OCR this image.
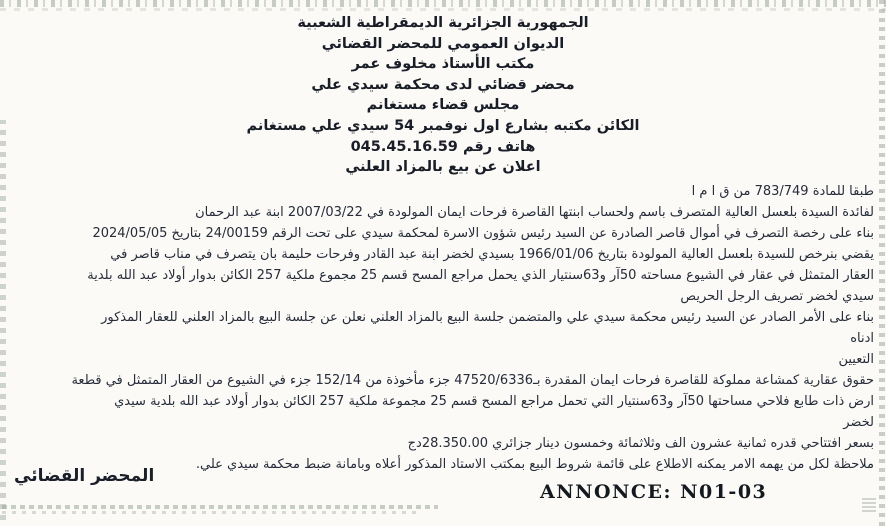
الجمهورية الجزائرية الديمقراطية الشعبية
الديوان العمومي للمحضر القضائي
مكتب الأستاذ مخلوف عمر
محضر قضائي لدى محكمة سيدي علي
مجلس قضاء مستغانم
الكائن مكتبه بشارع اول نوفمبر 54 سيدي علي مستغانم
هاتف رقم 045.45.16.59
اعلان عن بيع بالمزاد العلني
طبقا للمادة 783/749 من ق ا م ا
لفائدة السيدة بلعسل العالية المتصرف باسم ولحساب ابنتها القاصرة فرحات ايمان المولودة في 2007/03/22 ابنة عبد الرحمان
بناء على رخصة التصرف في أموال قاصر الصادرة عن السيد رئيس شؤون الاسرة لمحكمة سيدي على تحت الرقم 24/00159 بتاريخ 2024/05/05
يقضي بنرخص للسيدة بلعسل العالية المولودة بتاريخ 1966/01/06 بسيدي لخضر ابنة عبد القادر وفرحات حليمة بان يتصرف في مناب قاصر في
العقار المتمثل في عقار في الشيوع مساحته 50آر و63سنتيار الذي يحمل مراجع المسح قسم 25 مجموع ملكية 257 الكائن بدوار أولاد عبد الله بلدية
سيدي لخضر تصريف الرجل الحريص
بناء على الأمر الصادر عن السيد رئيس محكمة سيدي علي والمتضمن جلسة البيع بالمزاد العلني نعلن عن جلسة البيع بالمزاد العلني للعقار المذكور
ادناه
التعيين
حقوق عقارية كمشاعة مملوكة للقاصرة فرحات ايمان المقدرة بـ47520/6336 جزء مأخوذة من 152/14 جزء في الشيوع من العقار المتمثل في قطعة
ارض ذات طابع فلاحي مساحتها 50آر و63سنتيار التي تحمل مراجع المسح قسم 25 مجموعة ملكية 257 الكائن بدوار أولاد عبد الله بلدية سيدي
لخضر
بسعر افتتاحي قدره ثمانية عشرون الف وثلاثمائة وخمسون دينار جزائري 28.350.00دج
ملاحظة لكل من يهمه الامر يمكنه الاطلاع على قائمة شروط البيع بمكتب الاستاد المذكور أعلاه وبامانة ضبط محكمة سيدي علي.
المحضر القضائي
ANNONCE: N01-03
